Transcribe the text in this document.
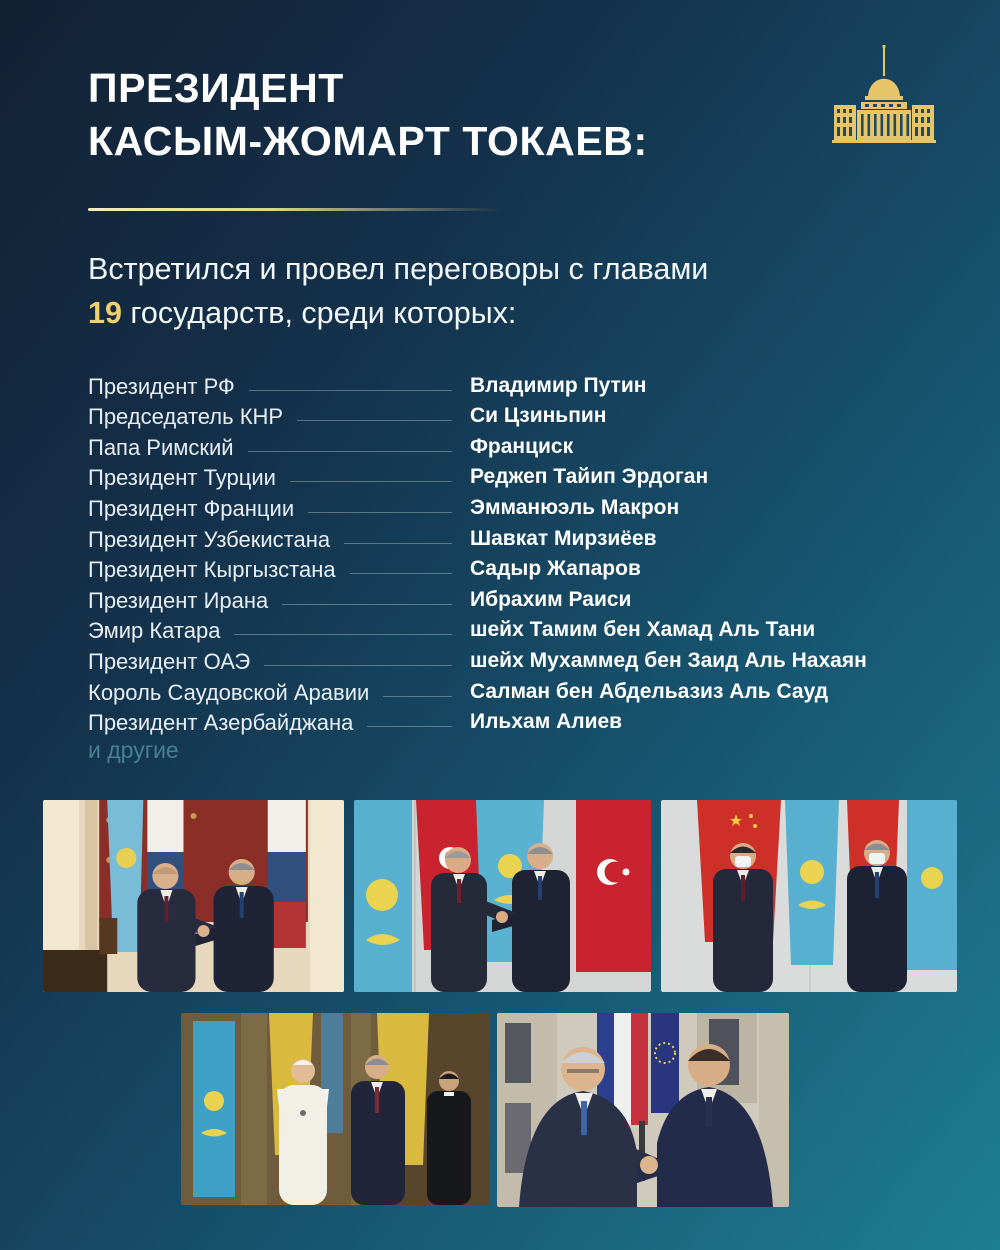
ПРЕЗИДЕНТ
КАСЫМ-ЖОМАРТ ТОКАЕВ:
Встретился и провел переговоры с главами
19 государств, среди которых:
Президент РФ	Владимир Путин
Председатель КНР	Си Цзиньпин
Папа Римский	Франциск
Президент Турции	Реджеп Тайип Эрдоган
Президент Франции	Эмманюэль Макрон
Президент Узбекистана	Шавкат Мирзиёев
Президент Кыргызстана	Садыр Жапаров
Президент Ирана	Ибрахим Раиси
Эмир Катара	шейх Тамим бен Хамад Аль Тани
Президент ОАЭ	шейх Мухаммед бен Заид Аль Нахаян
Король Саудовской Аравии	Салман бен Абдельазиз Аль Сауд
Президент Азербайджана	Ильхам Алиев
и другие
